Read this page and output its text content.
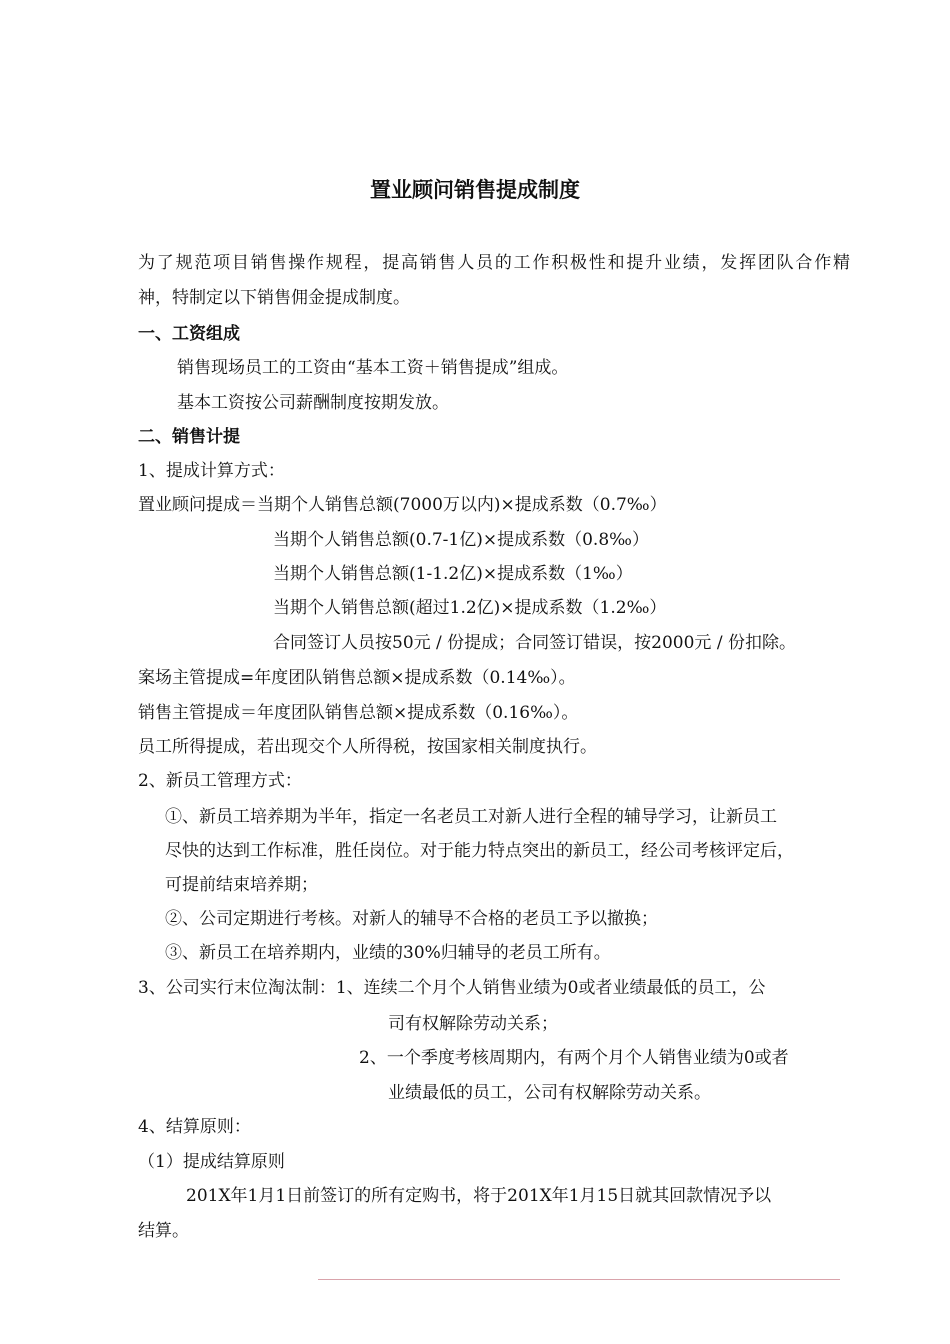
置业顾问销售提成制度
为了规范项目销售操作规程，提高销售人员的工作积极性和提升业绩，发挥团队合作精
神，特制定以下销售佣金提成制度。
一、工资组成
销售现场员工的工资由“基本工资＋销售提成”组成。
基本工资按公司薪酬制度按期发放。
二、销售计提
1、提成计算方式：
置业顾问提成＝当期个人销售总额(7000万以内)×提成系数（0.7‰）
当期个人销售总额(0.7-1亿)×提成系数（0.8‰）
当期个人销售总额(1-1.2亿)×提成系数（1‰）
当期个人销售总额(超过1.2亿)×提成系数（1.2‰）
合同签订人员按50元 / 份提成；合同签订错误，按2000元 / 份扣除。
案场主管提成=年度团队销售总额×提成系数（0.14‰）。
销售主管提成＝年度团队销售总额×提成系数（0.16‰）。
员工所得提成，若出现交个人所得税，按国家相关制度执行。
2、新员工管理方式：
①、新员工培养期为半年，指定一名老员工对新人进行全程的辅导学习，让新员工
尽快的达到工作标准，胜任岗位。对于能力特点突出的新员工，经公司考核评定后，
可提前结束培养期；
②、公司定期进行考核。对新人的辅导不合格的老员工予以撤换；
③、新员工在培养期内，业绩的30%归辅导的老员工所有。
3、公司实行末位淘汰制：1、连续二个月个人销售业绩为0或者业绩最低的员工，公
司有权解除劳动关系；
2、一个季度考核周期内，有两个月个人销售业绩为0或者
业绩最低的员工，公司有权解除劳动关系。
4、结算原则：
（1）提成结算原则
201X年1月1日前签订的所有定购书，将于201X年1月15日就其回款情况予以
结算。
